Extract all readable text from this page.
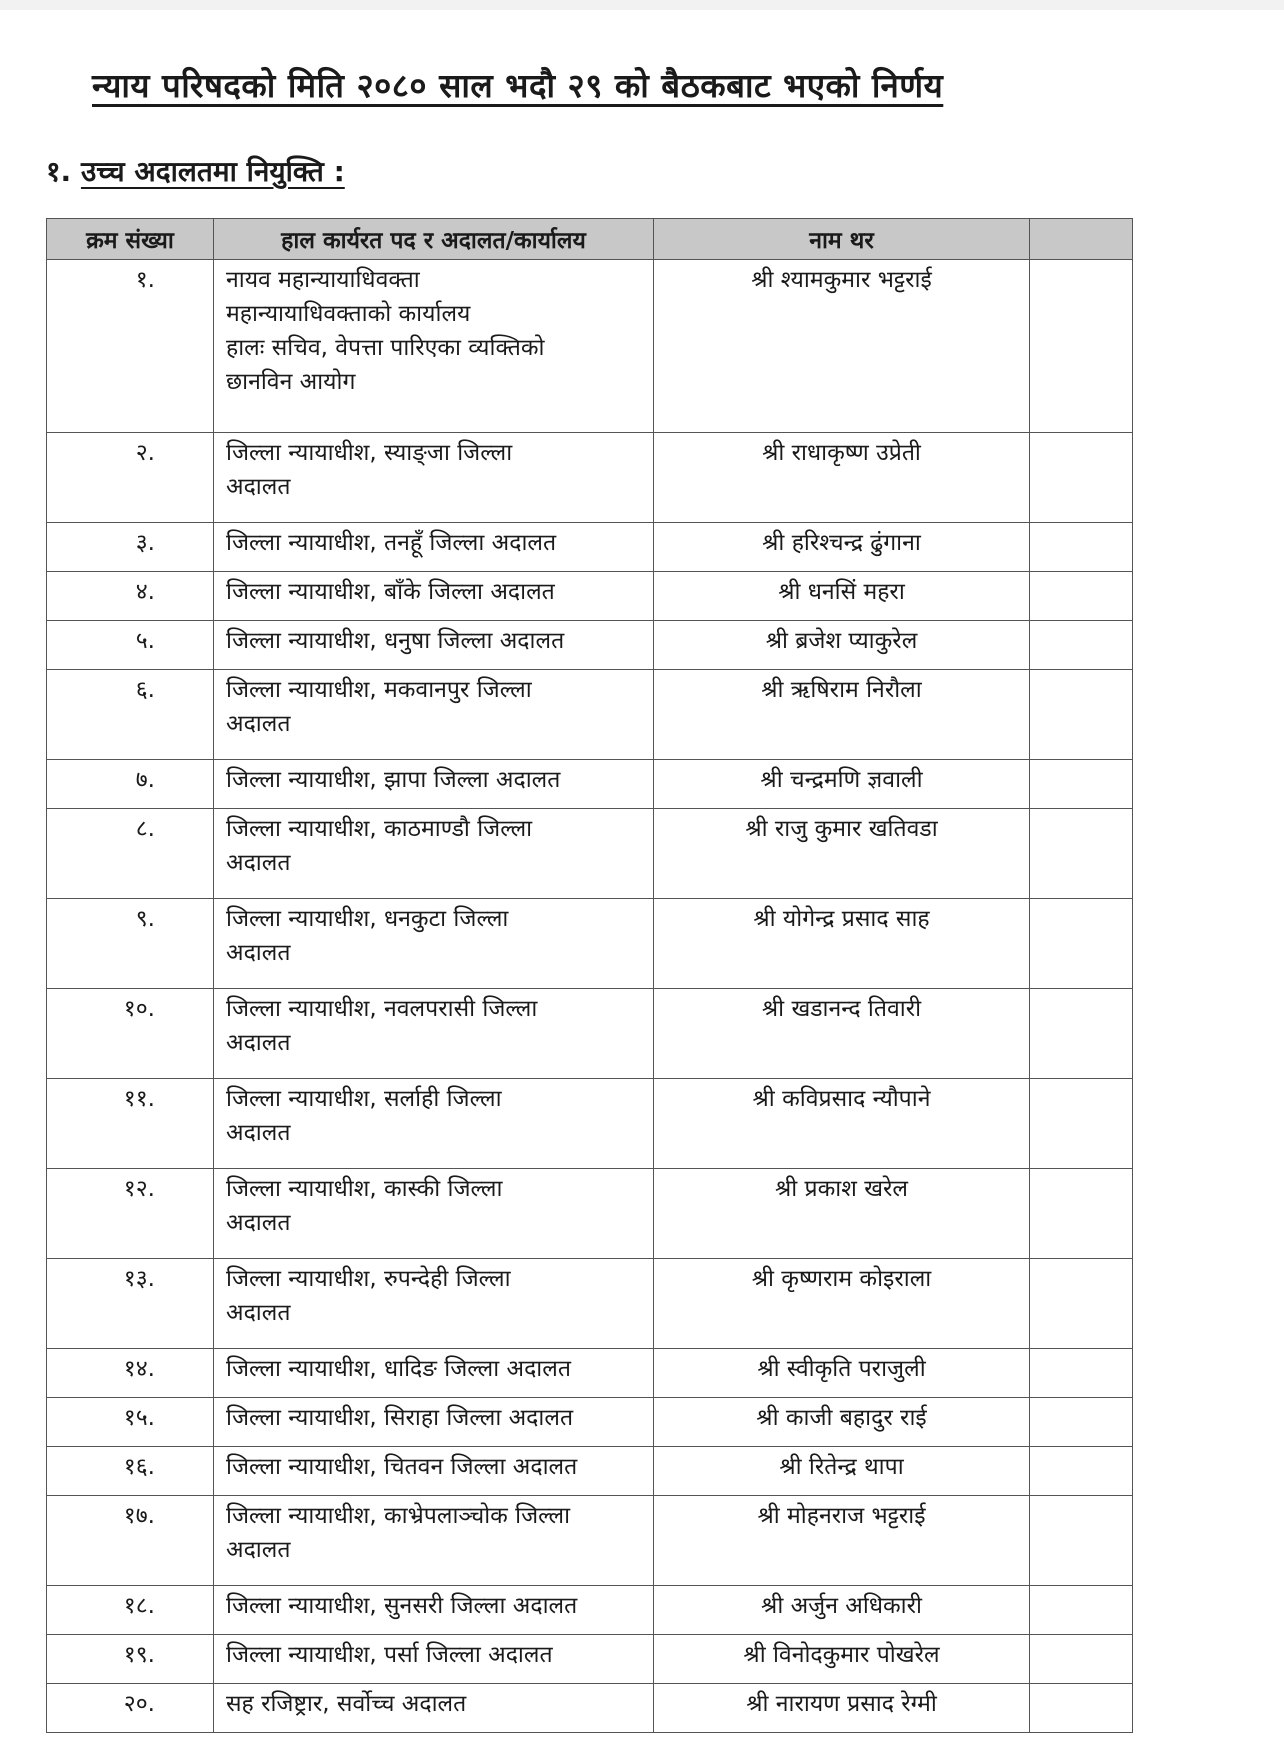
न्याय परिषदको मिति २०८० साल भदौ २९ को बैठकबाट भएको निर्णय
१. उच्च अदालतमा नियुक्ति :
क्रम संख्या	हाल कार्यरत पद र अदालत/कार्यालय	नाम थर	
१.	नायव महान्यायाधिवक्ता
महान्यायाधिवक्ताको कार्यालय
हालः सचिव, वेपत्ता पारिएका व्यक्तिको
छानविन आयोग	श्री श्यामकुमार भट्टराई	
२.	जिल्ला न्यायाधीश, स्याङ्जा जिल्ला
अदालत	श्री राधाकृष्ण उप्रेती	
३.	जिल्ला न्यायाधीश, तनहूँ जिल्ला अदालत	श्री हरिश्चन्द्र ढुंगाना	
४.	जिल्ला न्यायाधीश, बाँके जिल्ला अदालत	श्री धनसिं महरा	
५.	जिल्ला न्यायाधीश, धनुषा जिल्ला अदालत	श्री ब्रजेश प्याकुरेल	
६.	जिल्ला न्यायाधीश, मकवानपुर जिल्ला
अदालत	श्री ऋषिराम निरौला	
७.	जिल्ला न्यायाधीश, झापा जिल्ला अदालत	श्री चन्द्रमणि ज्ञवाली	
८.	जिल्ला न्यायाधीश, काठमाण्डौ जिल्ला
अदालत	श्री राजु कुमार खतिवडा	
९.	जिल्ला न्यायाधीश, धनकुटा जिल्ला
अदालत	श्री योगेन्द्र प्रसाद साह	
१०.	जिल्ला न्यायाधीश, नवलपरासी जिल्ला
अदालत	श्री खडानन्द तिवारी	
११.	जिल्ला न्यायाधीश, सर्लाही जिल्ला
अदालत	श्री कविप्रसाद न्यौपाने	
१२.	जिल्ला न्यायाधीश, कास्की जिल्ला
अदालत	श्री प्रकाश खरेल	
१३.	जिल्ला न्यायाधीश, रुपन्देही जिल्ला
अदालत	श्री कृष्णराम कोइराला	
१४.	जिल्ला न्यायाधीश, धादिङ जिल्ला अदालत	श्री स्वीकृति पराजुली	
१५.	जिल्ला न्यायाधीश, सिराहा जिल्ला अदालत	श्री काजी बहादुर राई	
१६.	जिल्ला न्यायाधीश, चितवन जिल्ला अदालत	श्री रितेन्द्र थापा	
१७.	जिल्ला न्यायाधीश, काभ्रेपलाञ्चोक जिल्ला
अदालत	श्री मोहनराज भट्टराई	
१८.	जिल्ला न्यायाधीश, सुनसरी जिल्ला अदालत	श्री अर्जुन अधिकारी	
१९.	जिल्ला न्यायाधीश, पर्सा जिल्ला अदालत	श्री विनोदकुमार पोखरेल	
२०.	सह रजिष्ट्रार, सर्वोच्च अदालत	श्री नारायण प्रसाद रेग्मी	
